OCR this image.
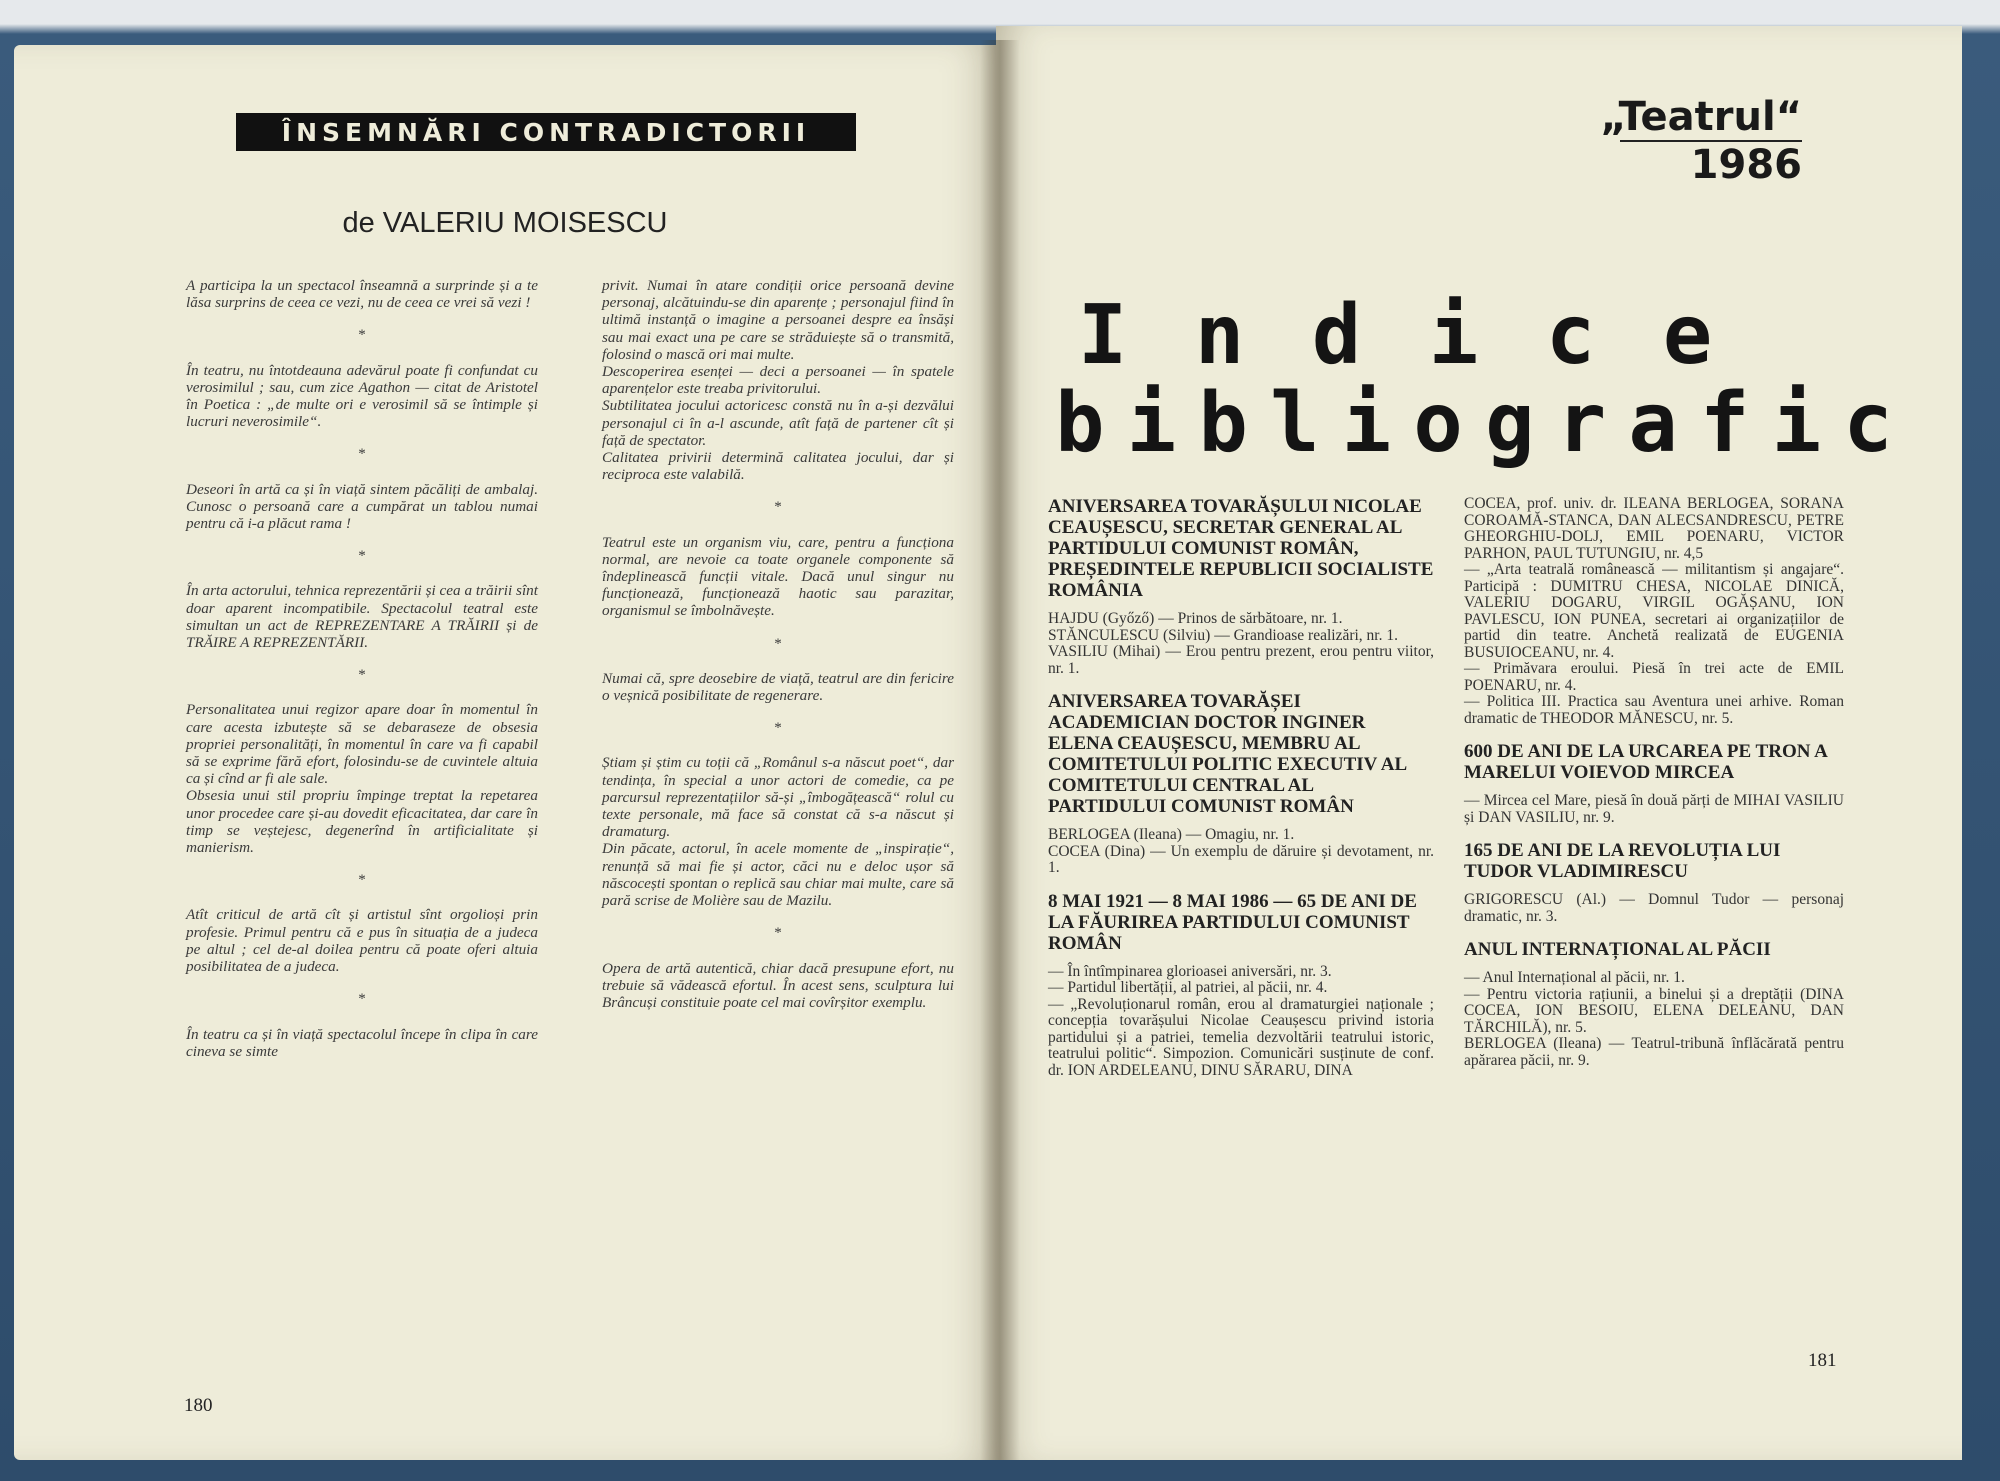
ÎNSEMNĂRI CONTRADICTORII
de VALERIU MOISESCU

A participa la un spectacol înseamnă a surprinde și a te lăsa surprins de ceea ce vezi, nu de ceea ce vrei să vezi !

*

În teatru, nu întotdeauna adevărul poate fi confundat cu verosimilul ; sau, cum zice Agathon — citat de Aristotel în Poetica : „de multe ori e verosimil să se întimple și lucruri neverosimile“.

*

Deseori în artă ca și în viață sintem păcăliți de ambalaj. Cunosc o persoană care a cumpărat un tablou numai pentru că i-a plăcut rama !

*

În arta actorului, tehnica reprezentării și cea a trăirii sînt doar aparent incompatibile. Spectacolul teatral este simultan un act de REPREZENTARE A TRĂIRII și de TRĂIRE A REPREZENTĂRII.

*

Personalitatea unui regizor apare doar în momentul în care acesta izbutește să se debaraseze de obsesia propriei personalități, în momentul în care va fi capabil să se exprime fără efort, folosindu-se de cuvintele altuia ca și cînd ar fi ale sale.

Obsesia unui stil propriu împinge treptat la repetarea unor procedee care și-au dovedit eficacitatea, dar care în timp se veștejesc, degenerînd în artificialitate și manierism.

*

Atît criticul de artă cît și artistul sînt orgolioși prin profesie. Primul pentru că e pus în situația de a judeca pe altul ; cel de-al doilea pentru că poate oferi altuia posibilitatea de a judeca.

*

În teatru ca și în viață spectacolul începe în clipa în care cineva se simte

privit. Numai în atare condiții orice persoană devine personaj, alcătuindu-se din aparențe ; personajul fiind în ultimă instanță o imagine a persoanei despre ea însăși sau mai exact una pe care se străduiește să o transmită, folosind o mască ori mai multe.

Descoperirea esenței — deci a persoanei — în spatele aparențelor este treaba privitorului.

Subtilitatea jocului actoricesc constă nu în a-și dezvălui personajul ci în a-l ascunde, atît față de partener cît și față de spectator.

Calitatea privirii determină calitatea jocului, dar și reciproca este valabilă.

*

Teatrul este un organism viu, care, pentru a funcționa normal, are nevoie ca toate organele componente să îndeplinească funcții vitale. Dacă unul singur nu funcționează, funcționează haotic sau parazitar, organismul se îmbolnăvește.

*

Numai că, spre deosebire de viață, teatrul are din fericire o veșnică posibilitate de regenerare.

*

Știam și știm cu toții că „Românul s-a născut poet“, dar tendința, în special a unor actori de comedie, ca pe parcursul reprezentațiilor să-și „îmbogățească“ rolul cu texte personale, mă face să constat că s-a născut și dramaturg.

Din păcate, actorul, în acele momente de „inspirație“, renunță să mai fie și actor, căci nu e deloc ușor să născocești spontan o replică sau chiar mai multe, care să pară scrise de Molière sau de Mazilu.

*

Opera de artă autentică, chiar dacă presupune efort, nu trebuie să vădească efortul. În acest sens, sculptura lui Brâncuși constituie poate cel mai covîrșitor exemplu.

180
„Teatrul“
1986
I n d i c e
b i b l i o g r a f i c

ANIVERSAREA TOVARĂȘULUI NICOLAE CEAUȘESCU, SECRETAR GENERAL AL PARTIDULUI COMUNIST ROMÂN, PREȘEDINTELE REPUBLICII SOCIALISTE ROMÂNIA

HAJDU (Győző) — Prinos de sărbătoare, nr. 1.

STĂNCULESCU (Silviu) — Grandioase realizări, nr. 1.

VASILIU (Mihai) — Erou pentru prezent, erou pentru viitor, nr. 1.

ANIVERSAREA TOVARĂȘEI ACADEMICIAN DOCTOR INGINER ELENA CEAUȘESCU, MEMBRU AL COMITETULUI POLITIC EXECUTIV AL COMITETULUI CENTRAL AL PARTIDULUI COMUNIST ROMÂN

BERLOGEA (Ileana) — Omagiu, nr. 1.

COCEA (Dina) — Un exemplu de dăruire și devotament, nr. 1.

8 MAI 1921 — 8 MAI 1986 — 65 DE ANI DE LA FĂURIREA PARTIDULUI COMUNIST ROMÂN

— În întîmpinarea glorioasei aniversări, nr. 3.

— Partidul libertății, al patriei, al păcii, nr. 4.

— „Revoluționarul român, erou al dramaturgiei naționale ; concepția tovarășului Nicolae Ceaușescu privind istoria partidului și a patriei, temelia dezvoltării teatrului istoric, teatrului politic“. Simpozion. Comunicări susținute de conf. dr. ION ARDELEANU, DINU SĂRARU, DINA

COCEA, prof. univ. dr. ILEANA BERLOGEA, SORANA COROAMĂ-STANCA, DAN ALECSANDRESCU, PETRE GHEORGHIU-DOLJ, EMIL POENARU, VICTOR PARHON, PAUL TUTUNGIU, nr. 4,5

— „Arta teatrală românească — militantism și angajare“. Participă : DUMITRU CHESA, NICOLAE DINICĂ, VALERIU DOGARU, VIRGIL OGĂȘANU, ION PAVLESCU, ION PUNEA, secretari ai organizațiilor de partid din teatre. Anchetă realizată de EUGENIA BUSUIOCEANU, nr. 4.

— Primăvara eroului. Piesă în trei acte de EMIL POENARU, nr. 4.

— Politica III. Practica sau Aventura unei arhive. Roman dramatic de THEODOR MĂNESCU, nr. 5.

600 DE ANI DE LA URCAREA PE TRON A MARELUI VOIEVOD MIRCEA

— Mircea cel Mare, piesă în două părți de MIHAI VASILIU și DAN VASILIU, nr. 9.

165 DE ANI DE LA REVOLUȚIA LUI TUDOR VLADIMIRESCU

GRIGORESCU (Al.) — Domnul Tudor — personaj dramatic, nr. 3.

ANUL INTERNAȚIONAL AL PĂCII

— Anul Internațional al păcii, nr. 1.

— Pentru victoria rațiunii, a binelui și a dreptății (DINA COCEA, ION BESOIU, ELENA DELEANU, DAN TĂRCHILĂ), nr. 5.

BERLOGEA (Ileana) — Teatrul-tribună înflăcărată pentru apărarea păcii, nr. 9.

181
